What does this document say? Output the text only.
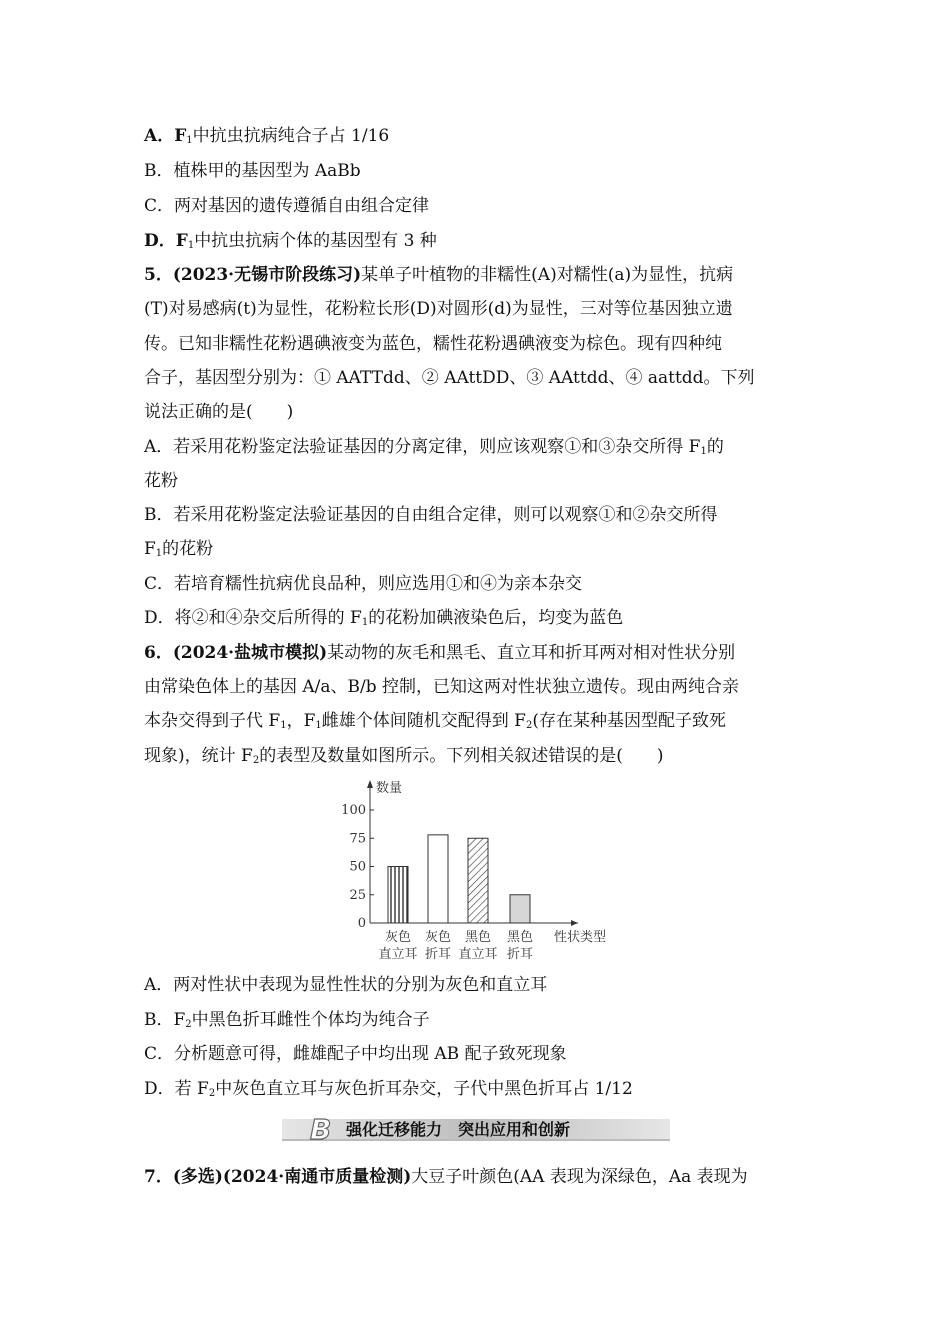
A．$F_1$中抗虫抗病纯合子占 1/16
B．植株甲的基因型为 AaBb
C．两对基因的遗传遵循自由组合定律
D．$F_1$中抗虫抗病个体的基因型有 3 种
5．(2023·无锡市阶段练习)某单子叶植物的非糯性(A)对糯性(a)为显性，抗病
(T)对易感病(t)为显性，花粉粒长形(D)对圆形(d)为显性，三对等位基因独立遗
传。已知非糯性花粉遇碘液变为蓝色，糯性花粉遇碘液变为棕色。现有四种纯
合子，基因型分别为：① AATTdd、② AAttDD、③ AAttdd、④ aattdd。下列
说法正确的是(　　)
A．若采用花粉鉴定法验证基因的分离定律，则应该观察①和③杂交所得 $F_1$的
花粉
B．若采用花粉鉴定法验证基因的自由组合定律，则可以观察①和②杂交所得
$F_1$的花粉
C．若培育糯性抗病优良品种，则应选用①和④为亲本杂交
D．将②和④杂交后所得的 $F_1$的花粉加碘液染色后，均变为蓝色
6．(2024·盐城市模拟)某动物的灰毛和黑毛、直立耳和折耳两对相对性状分别
由常染色体上的基因 A/a、B/b 控制，已知这两对性状独立遗传。现由两纯合亲
本杂交得到子代 $F_1$，$F_1$雌雄个体间随机交配得到 $F_2$(存在某种基因型配子致死
现象)，统计 $F_2$的表型及数量如图所示。下列相关叙述错误的是(　　)
数量
0
25
50
75
100
灰色
直立耳
灰色
折耳
黑色
直立耳
黑色
折耳
性状类型
A．两对性状中表现为显性性状的分别为灰色和直立耳
B．$F_2$中黑色折耳雌性个体均为纯合子
C．分析题意可得，雌雄配子中均出现 AB 配子致死现象
D．若 $F_2$中灰色直立耳与灰色折耳杂交，子代中黑色折耳占 1/12
B 强化迁移能力　突出应用和创新
7．(多选)(2024·南通市质量检测)大豆子叶颜色(AA 表现为深绿色，Aa 表现为
